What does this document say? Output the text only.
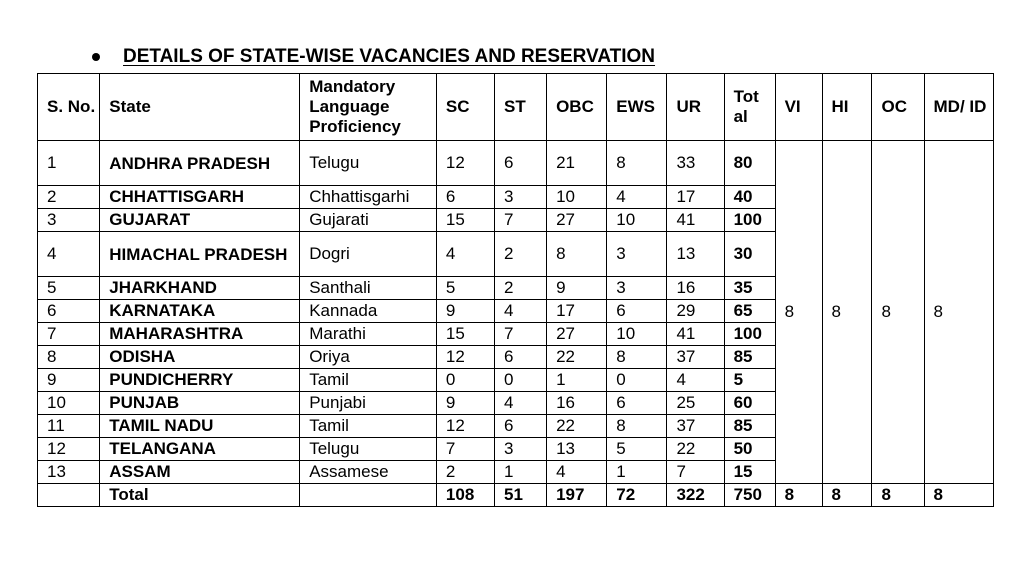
DETAILS OF STATE-WISE VACANCIES AND RESERVATION
S. No.	State	Mandatory Language Proficiency	SC	ST	OBC	EWS	UR	Tot al	VI	HI	OC	MD/ ID
1	ANDHRA PRADESH	Telugu	12	6	21	8	33	80	8	8	8	8
2	CHHATTISGARH	Chhattisgarhi	6	3	10	4	17	40				
3	GUJARAT	Gujarati	15	7	27	10	41	100				
4	HIMACHAL PRADESH	Dogri	4	2	8	3	13	30				
5	JHARKHAND	Santhali	5	2	9	3	16	35				
6	KARNATAKA	Kannada	9	4	17	6	29	65				
7	MAHARASHTRA	Marathi	15	7	27	10	41	100				
8	ODISHA	Oriya	12	6	22	8	37	85				
9	PUNDICHERRY	Tamil	0	0	1	0	4	5				
10	PUNJAB	Punjabi	9	4	16	6	25	60				
11	TAMIL NADU	Tamil	12	6	22	8	37	85				
12	TELANGANA	Telugu	7	3	13	5	22	50				
13	ASSAM	Assamese	2	1	4	1	7	15				
	Total		108	51	197	72	322	750	8	8	8	8
